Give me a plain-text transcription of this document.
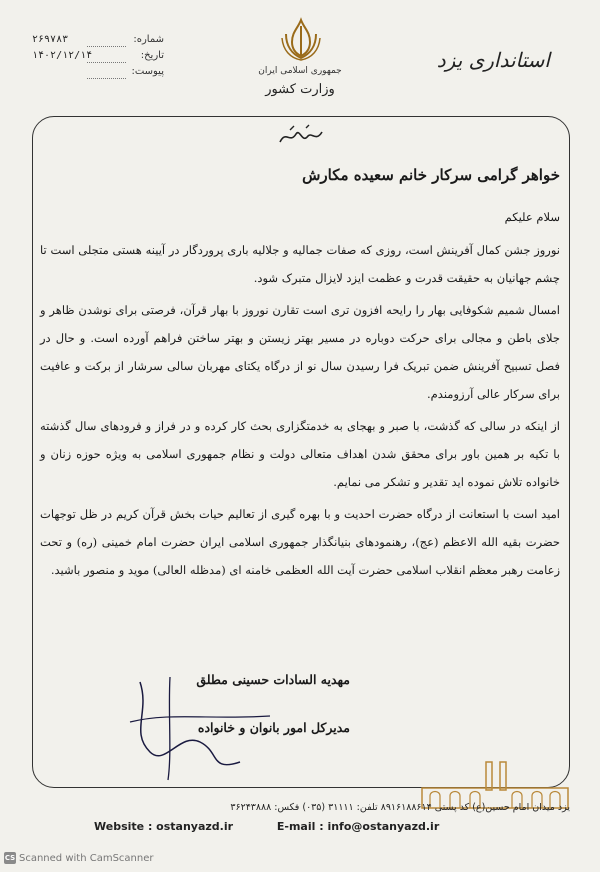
استانداری یزد
جمهوری اسلامی ایران
وزارت کشور
۲۶۹۷۸۳	شماره:
۱۴۰۲/۱۲/۱۴	تاریخ:
پیوست:
خواهر گرامی سرکار خانم سعیده مکارش
سلام علیکم

نوروز جشن کمال آفرینش است، روزی که صفات جمالیه و جلالیه باری پروردگار در آیینه هستی متجلی است تا چشم جهانیان به حقیقت قدرت و عظمت ایزد لایزال متبرک شود.

امسال شمیم شکوفایی بهار را رایحه افزون تری است تقارن نوروز با بهار قرآن، فرصتی برای نوشدن ظاهر و جلای باطن و مجالی برای حرکت دوباره در مسیر بهتر زیستن و بهتر ساختن فراهم آورده است. و حال در فصل تسبیح آفرینش ضمن تبریک فرا رسیدن سال نو از درگاه یکتای مهربان سالی سرشار از برکت و عافیت برای سرکار عالی آرزومندم.

از اینکه در سالی که گذشت، با صبر و بهجای به خدمتگزاری بحث کار کرده و در فراز و فرودهای سال گذشته با تکیه بر همین باور برای محقق شدن اهداف متعالی دولت و نظام جمهوری اسلامی به ویژه حوزه زنان و خانواده تلاش نموده اید تقدیر و تشکر می نمایم.

امید است با استعانت از درگاه حضرت احدیت و با بهره گیری از تعالیم حیات بخش قرآن کریم در ظل توجهات حضرت بقیه الله الاعظم (عج)، رهنمودهای بنیانگذار جمهوری اسلامی ایران حضرت امام خمینی (ره) و تحت زعامت رهبر معظم انقلاب اسلامی حضرت آیت الله العظمی خامنه ای (مدظله العالی) موید و منصور باشید.

مهدیه السادات حسینی مطلق
مدیرکل امور بانوان و خانواده
یزد میدان امام حسین(ع) کد پستی ۸۹۱۶۱۸۸۶۱۴ تلفن: ۳۱۱۱۱ (۰۳۵) فکس: ۳۶۲۴۳۸۸۸
Website : ostanyazd.ir	E-mail : info@ostanyazd.ir
CS Scanned with CamScanner
